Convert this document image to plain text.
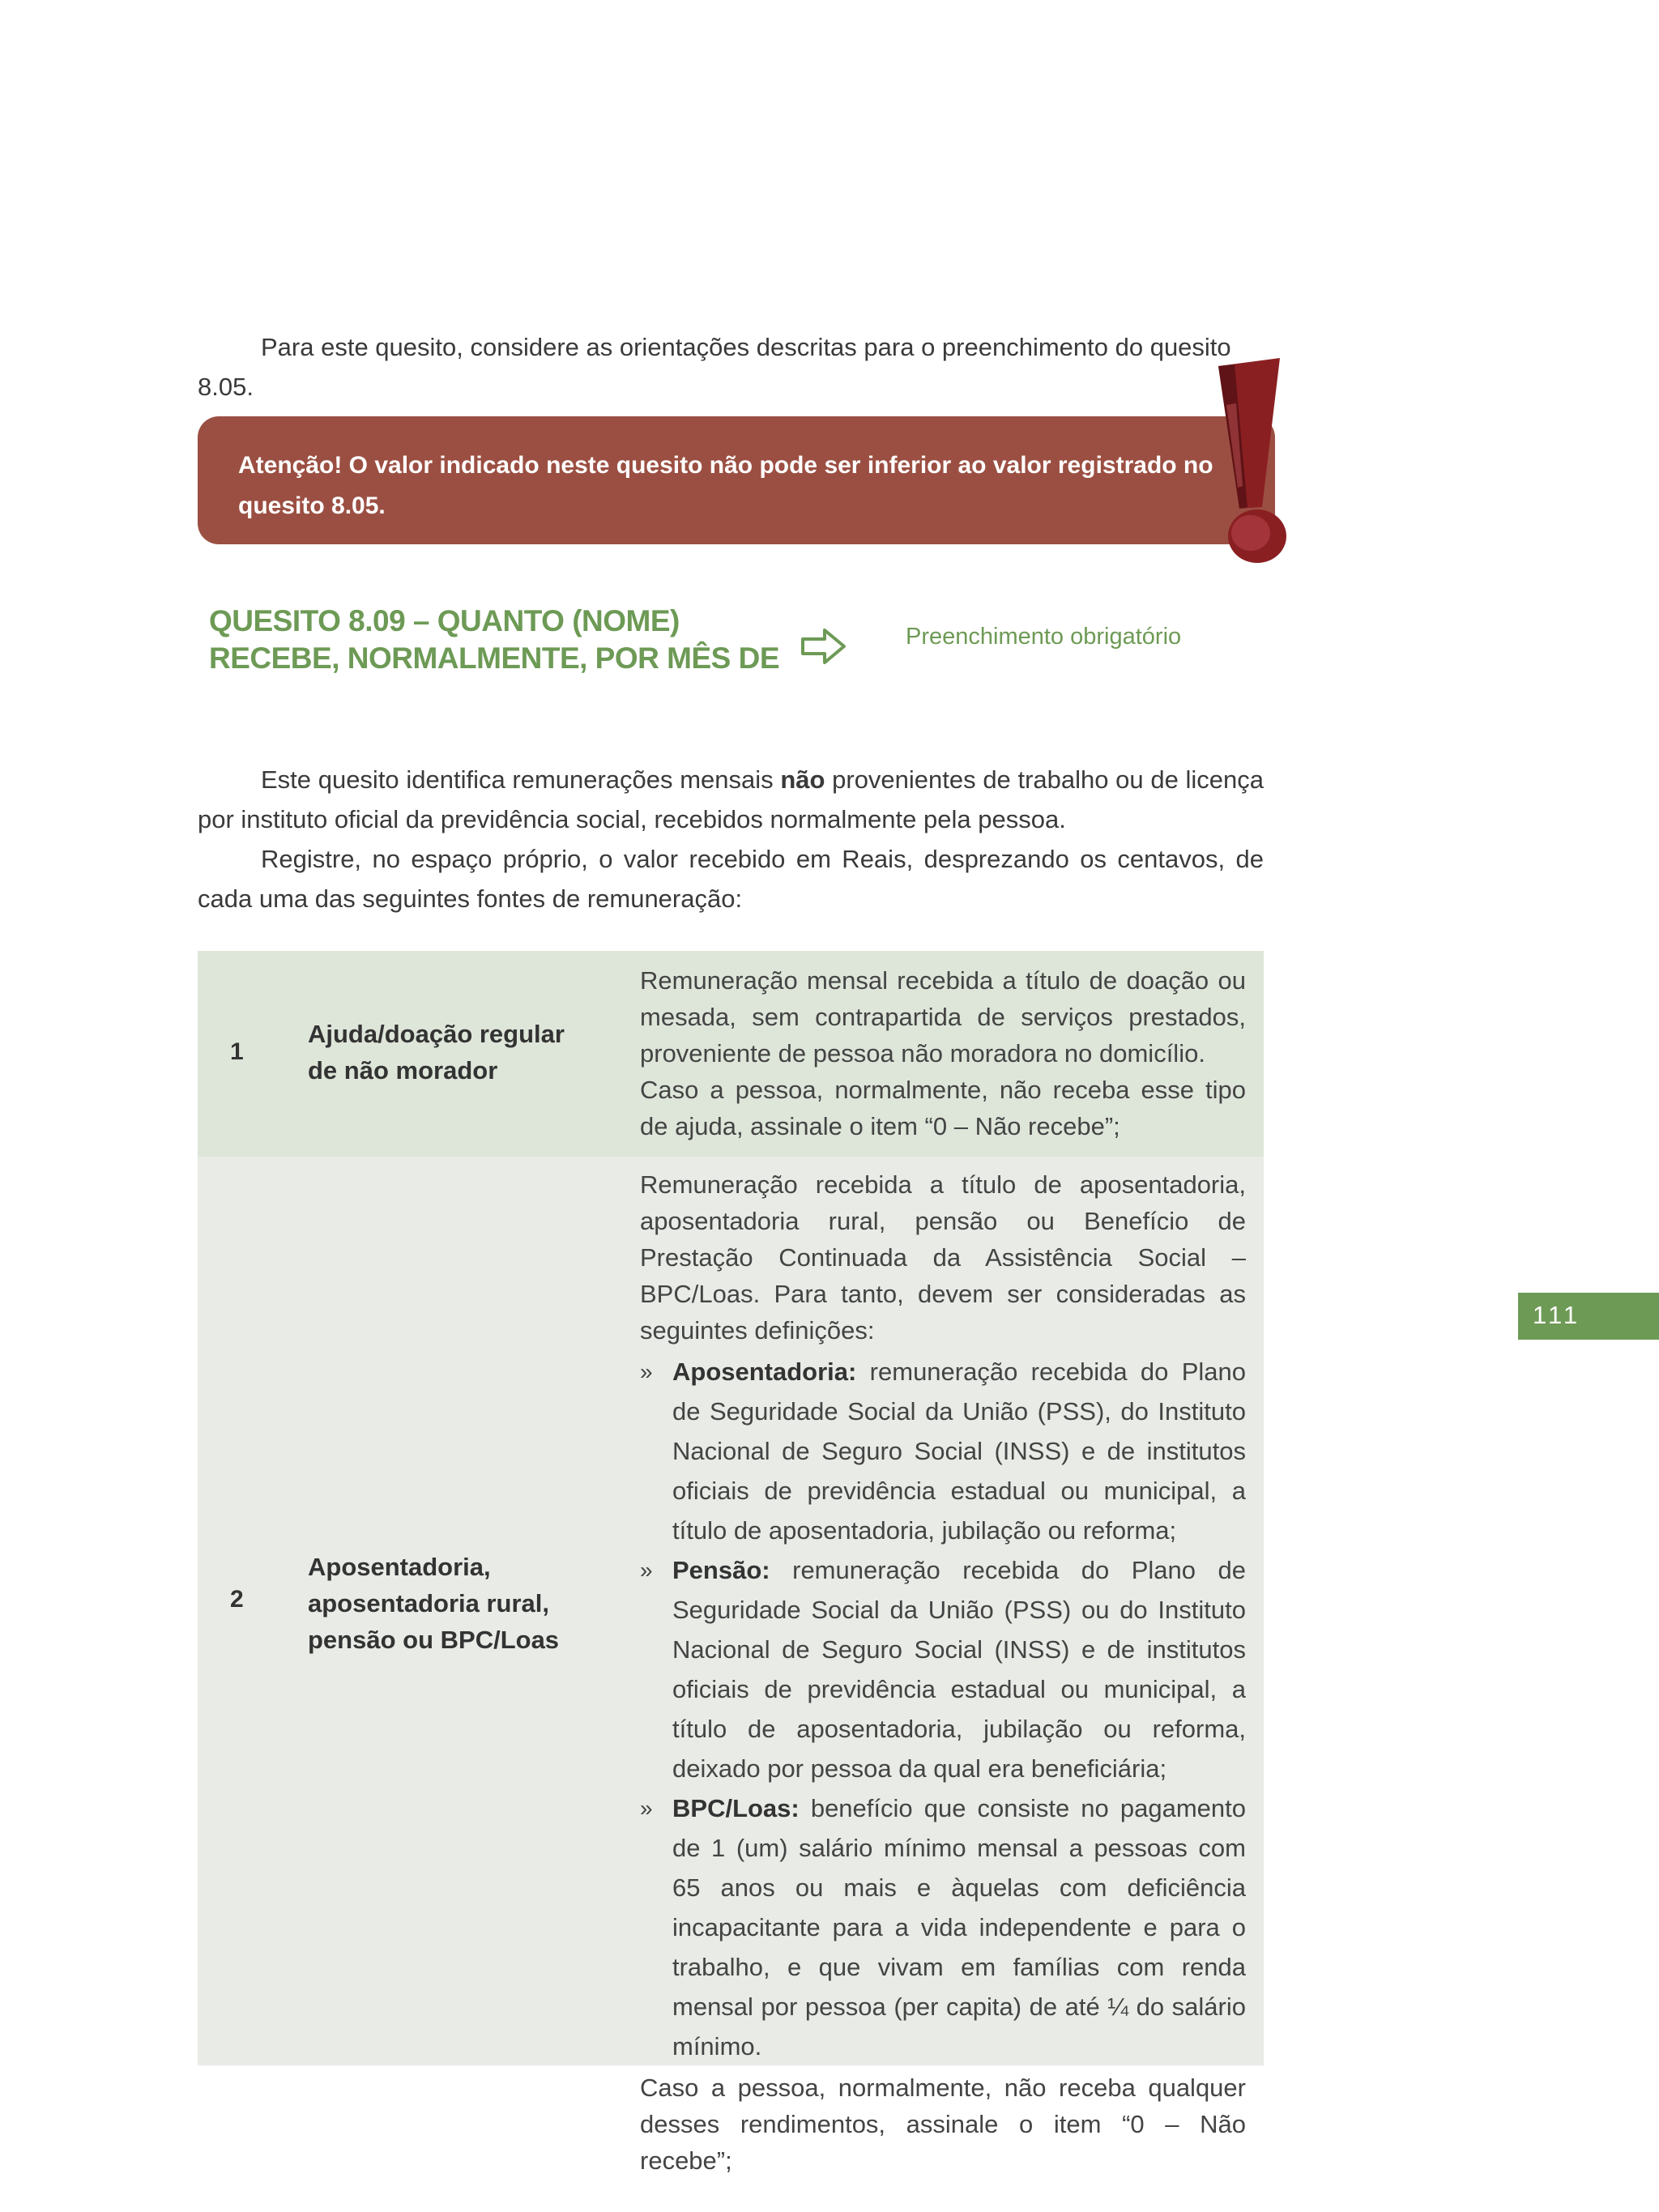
Para este quesito, considere as orientações descritas para o preenchimento do quesito 8.05.

Atenção! O valor indicado neste quesito não pode ser inferior ao valor registrado no quesito 8.05.

QUESITO 8.09 – QUANTO (NOME)
RECEBE, NORMALMENTE, POR MÊS DE

Preenchimento obrigatório

Este quesito identifica remunerações mensais não provenientes de trabalho ou de licença por instituto oficial da previdência social, recebidos normalmente pela pessoa.

Registre, no espaço próprio, o valor recebido em Reais, desprezando os centavos, de cada uma das seguintes fontes de remuneração:

1

Ajuda/doação regular
de não morador

Remuneração mensal recebida a título de doação ou mesada, sem contrapartida de serviços prestados, proveniente de pessoa não moradora no domicílio.

Caso a pessoa, normalmente, não receba esse tipo de ajuda, assinale o item “0 – Não recebe”;

2

Aposentadoria,
aposentadoria rural,
pensão ou BPC/Loas

Remuneração recebida a título de aposentadoria, aposentadoria rural, pensão ou Benefício de Prestação Continuada da Assistência Social – BPC/Loas. Para tanto, devem ser consideradas as seguintes definições:

» Aposentadoria: remuneração recebida do Plano de Seguridade Social da União (PSS), do Instituto Nacional de Seguro Social (INSS) e de institutos oficiais de previdência estadual ou municipal, a título de aposentadoria, jubilação ou reforma;
» Pensão: remuneração recebida do Plano de Seguridade Social da União (PSS) ou do Instituto Nacional de Seguro Social (INSS) e de institutos oficiais de previdência estadual ou municipal, a título de aposentadoria, jubilação ou reforma, deixado por pessoa da qual era beneficiária;
» BPC/Loas: benefício que consiste no pagamento de 1 (um) salário mínimo mensal a pessoas com 65 anos ou mais e àquelas com deficiência incapacitante para a vida independente e para o trabalho, e que vivam em famílias com renda mensal por pessoa (per capita) de até ¼ do salário mínimo.

Caso a pessoa, normalmente, não receba qualquer desses rendimentos, assinale o item “0 – Não recebe”;

111
